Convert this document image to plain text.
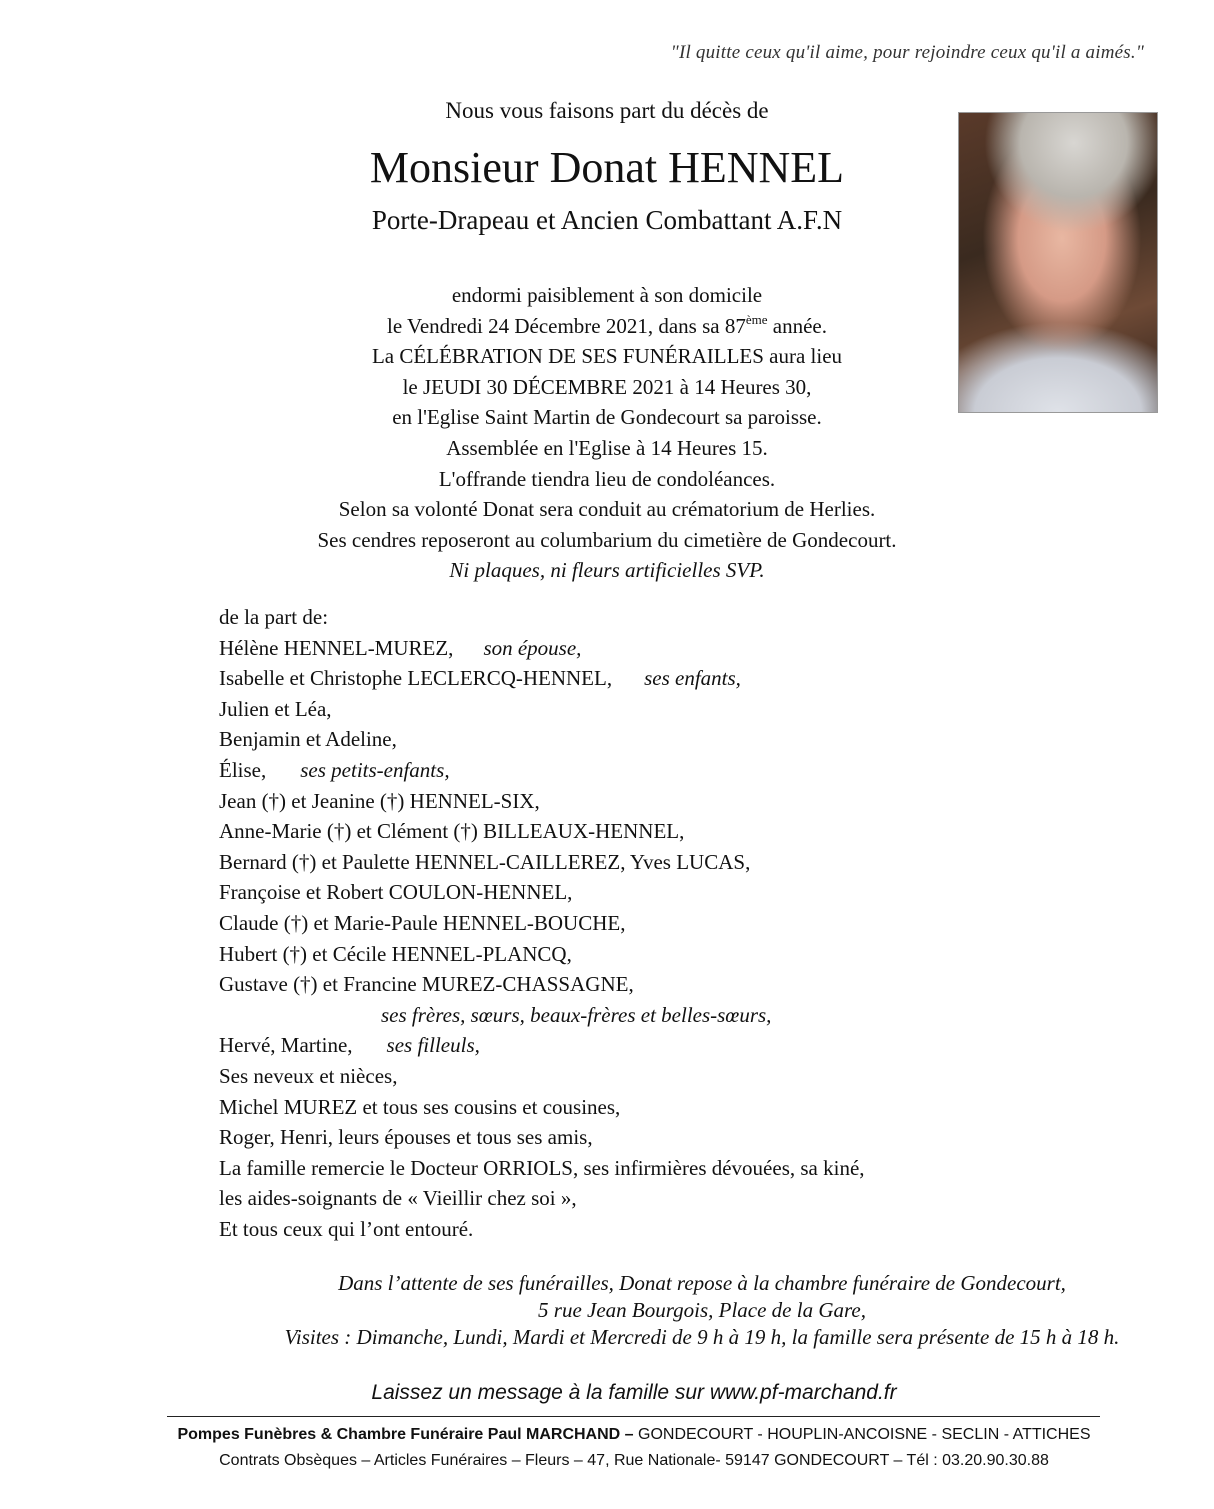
"Il quitte ceux qu'il aime, pour rejoindre ceux qu'il a aimés."
Nous vous faisons part du décès de
Monsieur Donat HENNEL
Porte-Drapeau et Ancien Combattant A.F.N
endormi paisiblement à son domicile
le Vendredi 24 Décembre 2021, dans sa 87ème année.
La CÉLÉBRATION DE SES FUNÉRAILLES aura lieu
le JEUDI 30 DÉCEMBRE 2021 à 14 Heures 30,
en l'Eglise Saint Martin de Gondecourt sa paroisse.
Assemblée en l'Eglise à 14 Heures 15.
L'offrande tiendra lieu de condoléances.
Selon sa volonté Donat sera conduit au crématorium de Herlies.
Ses cendres reposeront au columbarium du cimetière de Gondecourt.
Ni plaques, ni fleurs artificielles SVP.
de la part de:
Hélène HENNEL-MUREZ, son épouse,
Isabelle et Christophe LECLERCQ-HENNEL, ses enfants,
Julien et Léa,
Benjamin et Adeline,
Élise, ses petits-enfants,
Jean (†) et Jeanine (†) HENNEL-SIX,
Anne-Marie (†) et Clément (†) BILLEAUX-HENNEL,
Bernard (†) et Paulette HENNEL-CAILLEREZ, Yves LUCAS,
Françoise et Robert COULON-HENNEL,
Claude (†) et Marie-Paule HENNEL-BOUCHE,
Hubert (†) et Cécile HENNEL-PLANCQ,
Gustave (†) et Francine MUREZ-CHASSAGNE,
ses frères, sœurs, beaux-frères et belles-sœurs,
Hervé, Martine, ses filleuls,
Ses neveux et nièces,
Michel MUREZ et tous ses cousins et cousines,
Roger, Henri, leurs épouses et tous ses amis,
La famille remercie le Docteur ORRIOLS, ses infirmières dévouées, sa kiné,
les aides-soignants de « Vieillir chez soi »,
Et tous ceux qui l’ont entouré.
Dans l’attente de ses funérailles, Donat repose à la chambre funéraire de Gondecourt,
5 rue Jean Bourgois, Place de la Gare,
Visites : Dimanche, Lundi, Mardi et Mercredi de 9 h à 19 h, la famille sera présente de 15 h à 18 h.
Laissez un message à la famille sur www.pf-marchand.fr
Pompes Funèbres & Chambre Funéraire Paul MARCHAND – GONDECOURT - HOUPLIN-ANCOISNE - SECLIN - ATTICHES
Contrats Obsèques – Articles Funéraires – Fleurs – 47, Rue Nationale- 59147 GONDECOURT – Tél : 03.20.90.30.88
